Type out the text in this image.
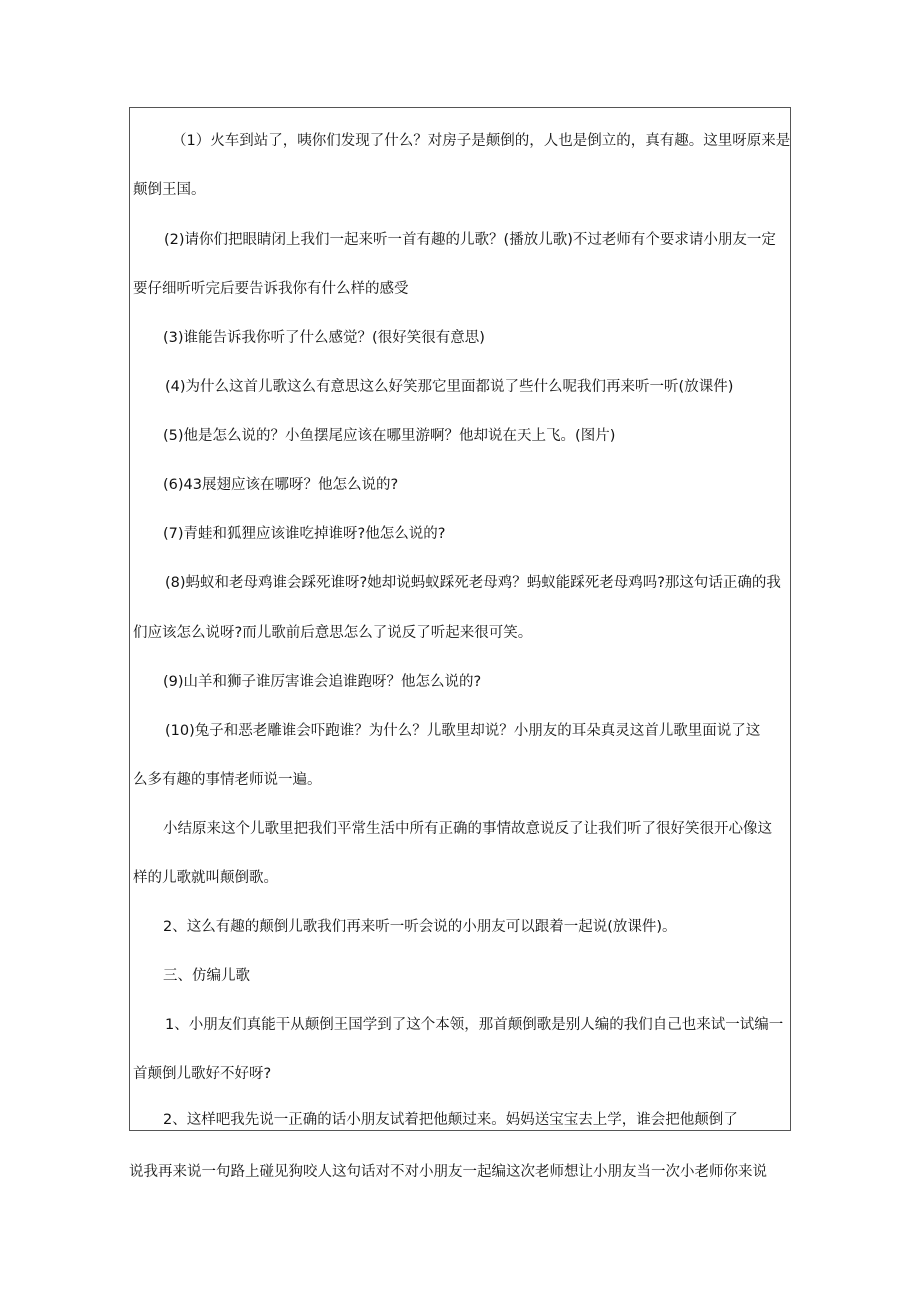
（1）火车到站了，咦你们发现了什么？对房子是颠倒的，人也是倒立的，真有趣。这里呀原来是
颠倒王国。
(2)请你们把眼睛闭上我们一起来听一首有趣的儿歌？(播放儿歌)不过老师有个要求请小朋友一定
要仔细听听完后要告诉我你有什么样的感受
(3)谁能告诉我你听了什么感觉？(很好笑很有意思)
(4)为什么这首儿歌这么有意思这么好笑那它里面都说了些什么呢我们再来听一听(放课件)
(5)他是怎么说的？小鱼摆尾应该在哪里游啊？他却说在天上飞。(图片)
(6)43展翅应该在哪呀？他怎么说的?
(7)青蛙和狐狸应该谁吃掉谁呀?他怎么说的?
(8)蚂蚁和老母鸡谁会踩死谁呀?她却说蚂蚁踩死老母鸡？蚂蚁能踩死老母鸡吗?那这句话正确的我
们应该怎么说呀?而儿歌前后意思怎么了说反了听起来很可笑。
(9)山羊和狮子谁厉害谁会追谁跑呀？他怎么说的?
(10)兔子和恶老雕谁会吓跑谁？为什么？儿歌里却说？小朋友的耳朵真灵这首儿歌里面说了这
么多有趣的事情老师说一遍。
小结原来这个儿歌里把我们平常生活中所有正确的事情故意说反了让我们听了很好笑很开心像这
样的儿歌就叫颠倒歌。
2、这么有趣的颠倒儿歌我们再来听一听会说的小朋友可以跟着一起说(放课件)。
三、仿编儿歌
1、小朋友们真能干从颠倒王国学到了这个本领，那首颠倒歌是别人编的我们自己也来试一试编一
首颠倒儿歌好不好呀?
2、这样吧我先说一正确的话小朋友试着把他颠过来。妈妈送宝宝去上学，谁会把他颠倒了
说我再来说一句路上碰见狗咬人这句话对不对小朋友一起编这次老师想让小朋友当一次小老师你来说
